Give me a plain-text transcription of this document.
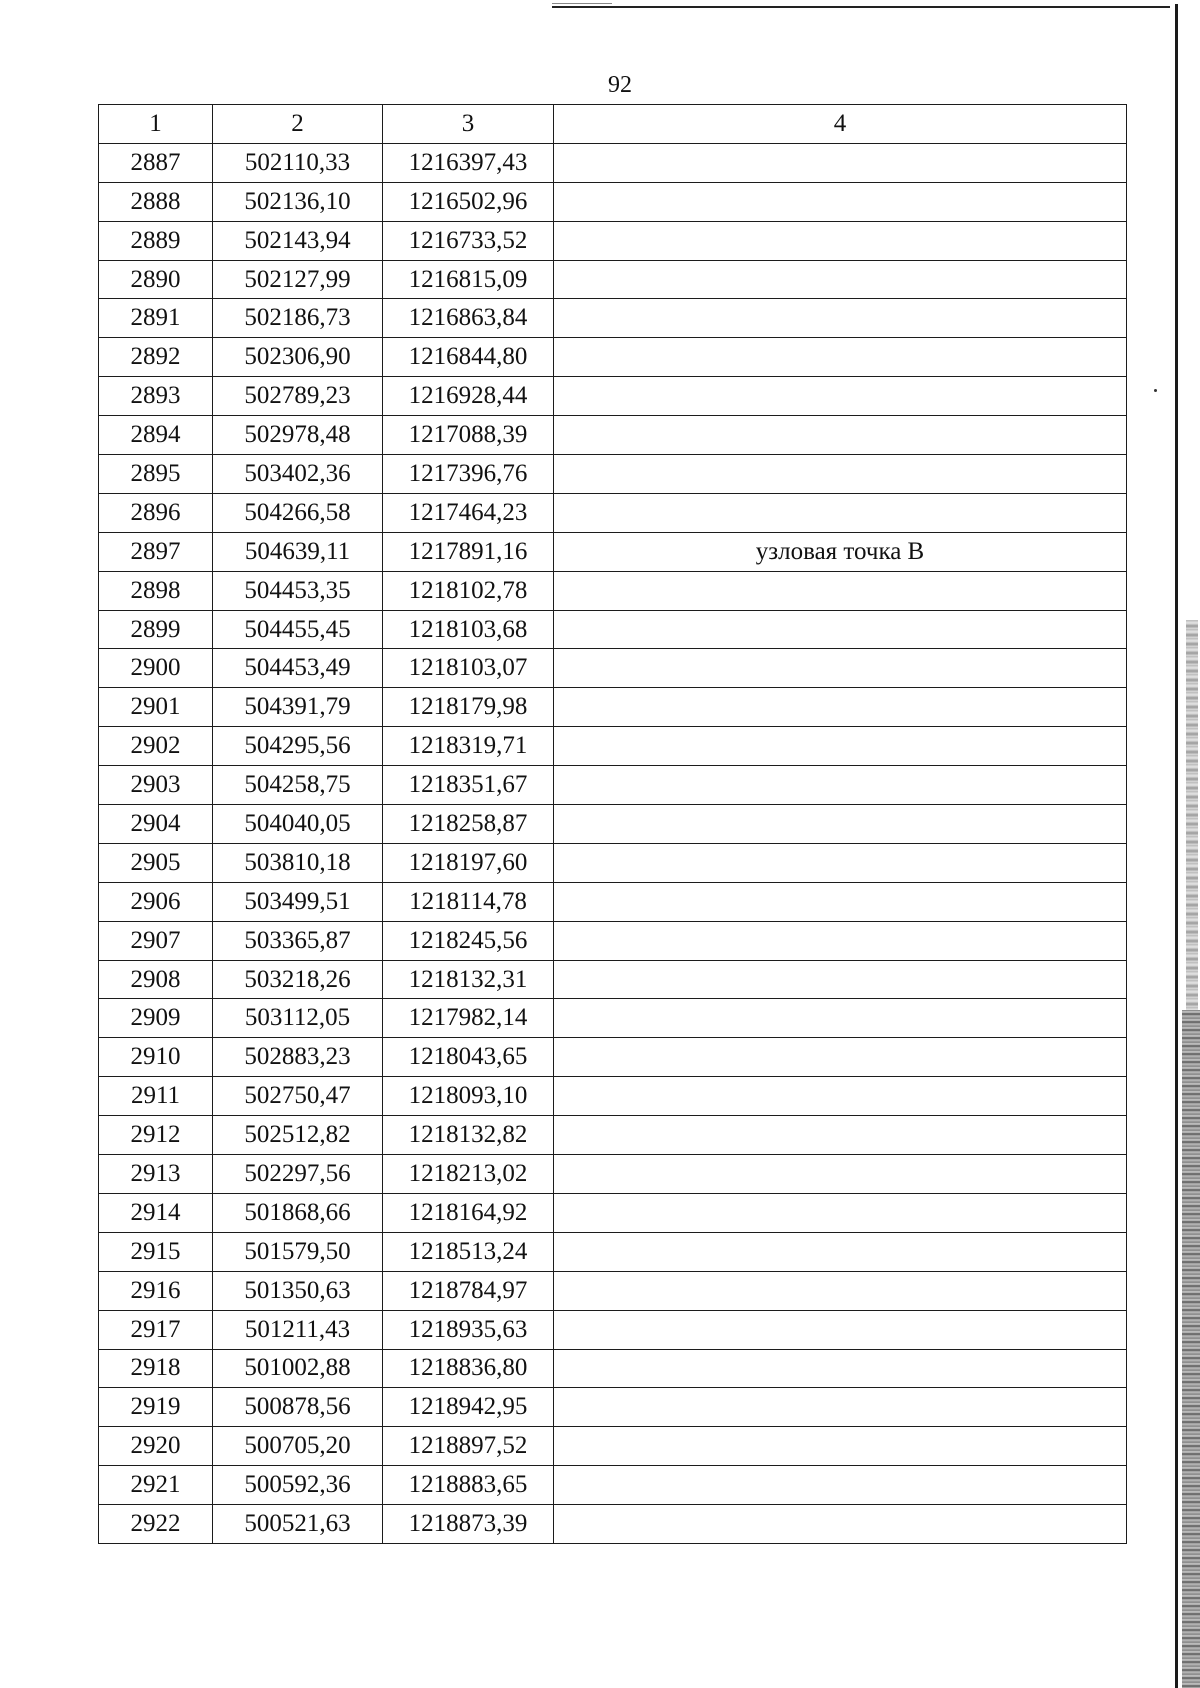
92
1	2	3	4
2887	502110,33	1216397,43	
2888	502136,10	1216502,96	
2889	502143,94	1216733,52	
2890	502127,99	1216815,09	
2891	502186,73	1216863,84	
2892	502306,90	1216844,80	
2893	502789,23	1216928,44	
2894	502978,48	1217088,39	
2895	503402,36	1217396,76	
2896	504266,58	1217464,23	
2897	504639,11	1217891,16	узловая точка В
2898	504453,35	1218102,78	
2899	504455,45	1218103,68	
2900	504453,49	1218103,07	
2901	504391,79	1218179,98	
2902	504295,56	1218319,71	
2903	504258,75	1218351,67	
2904	504040,05	1218258,87	
2905	503810,18	1218197,60	
2906	503499,51	1218114,78	
2907	503365,87	1218245,56	
2908	503218,26	1218132,31	
2909	503112,05	1217982,14	
2910	502883,23	1218043,65	
2911	502750,47	1218093,10	
2912	502512,82	1218132,82	
2913	502297,56	1218213,02	
2914	501868,66	1218164,92	
2915	501579,50	1218513,24	
2916	501350,63	1218784,97	
2917	501211,43	1218935,63	
2918	501002,88	1218836,80	
2919	500878,56	1218942,95	
2920	500705,20	1218897,52	
2921	500592,36	1218883,65	
2922	500521,63	1218873,39	
